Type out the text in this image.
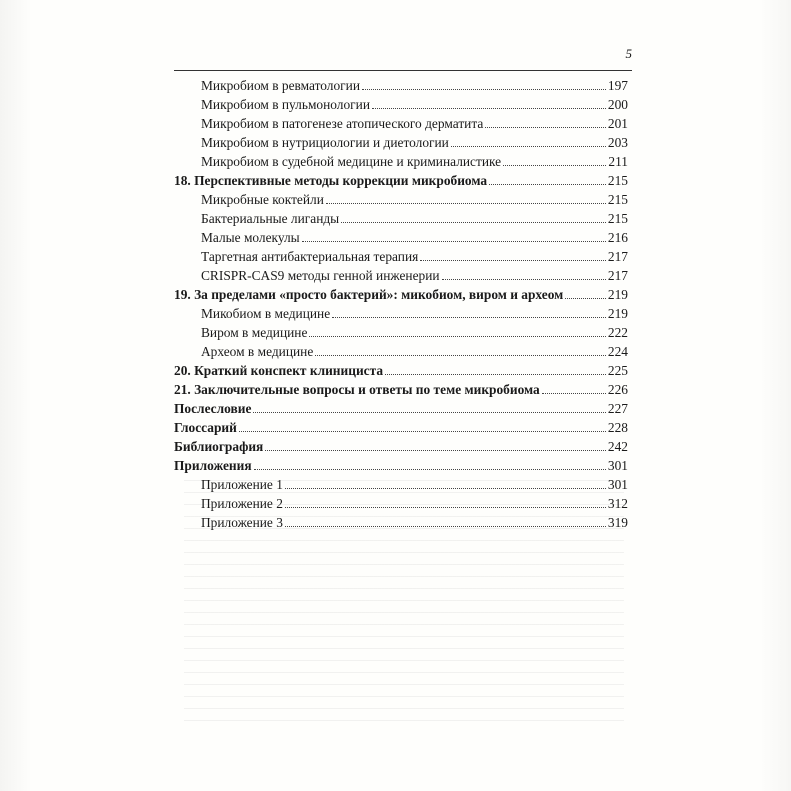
5
Микробиом в ревматологии	197
Микробиом в пульмонологии	200
Микробиом в патогенезе атопического дерматита	201
Микробиом в нутрициологии и диетологии	203
Микробиом в судебной медицине и криминалистике	211
18. Перспективные методы коррекции микробиома	215
Микробные коктейли	215
Бактериальные лиганды	215
Малые молекулы	216
Таргетная антибактериальная терапия	217
CRISPR-CAS9 методы генной инженерии	217
19. За пределами «просто бактерий»: микобиом, виром и археом	219
Микобиом в медицине	219
Виром в медицине	222
Археом в медицине	224
20. Краткий конспект клинициста	225
21. Заключительные вопросы и ответы по теме микробиома	226
Послесловие	227
Глоссарий	228
Библиография	242
Приложения	301
Приложение 1	301
Приложение 2	312
Приложение 3	319
